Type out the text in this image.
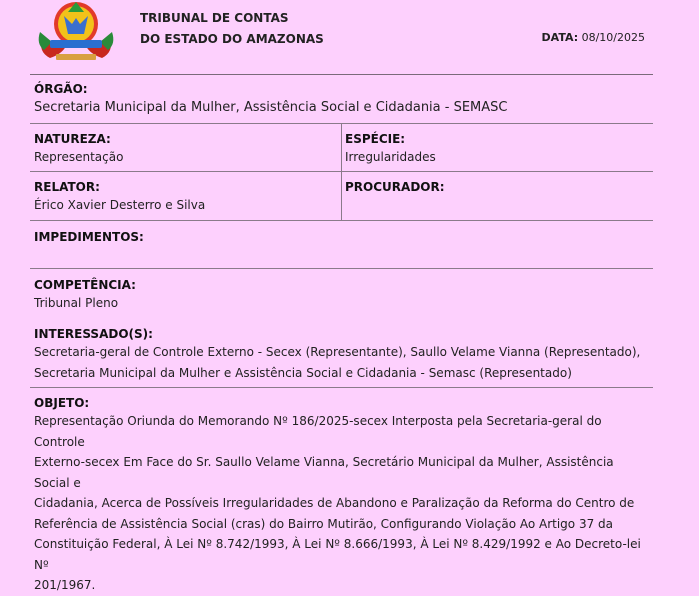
TRIBUNAL DE CONTAS
DO ESTADO DO AMAZONAS	DATA: 08/10/2025
ÓRGÃO:
Secretaria Municipal da Mulher, Assistência Social e Cidadania - SEMASC
NATUREZA:
Representação
ESPÉCIE:
Irregularidades
RELATOR:
Érico Xavier Desterro e Silva
PROCURADOR:
IMPEDIMENTOS:
COMPETÊNCIA:
Tribunal Pleno
INTERESSADO(S):
Secretaria-geral de Controle Externo - Secex (Representante), Saullo Velame Vianna (Representado),
Secretaria Municipal da Mulher e Assistência Social e Cidadania - Semasc (Representado)
OBJETO:
Representação Oriunda do Memorando Nº 186/2025-secex Interposta pela Secretaria-geral do Controle
Externo-secex Em Face do Sr. Saullo Velame Vianna, Secretário Municipal da Mulher, Assistência Social e
Cidadania, Acerca de Possíveis Irregularidades de Abandono e Paralização da Reforma do Centro de
Referência de Assistência Social (cras) do Bairro Mutirão, Configurando Violação Ao Artigo 37 da
Constituição Federal, À Lei Nº 8.742/1993, À Lei Nº 8.666/1993, À Lei Nº 8.429/1992 e Ao Decreto-lei Nº
201/1967.
